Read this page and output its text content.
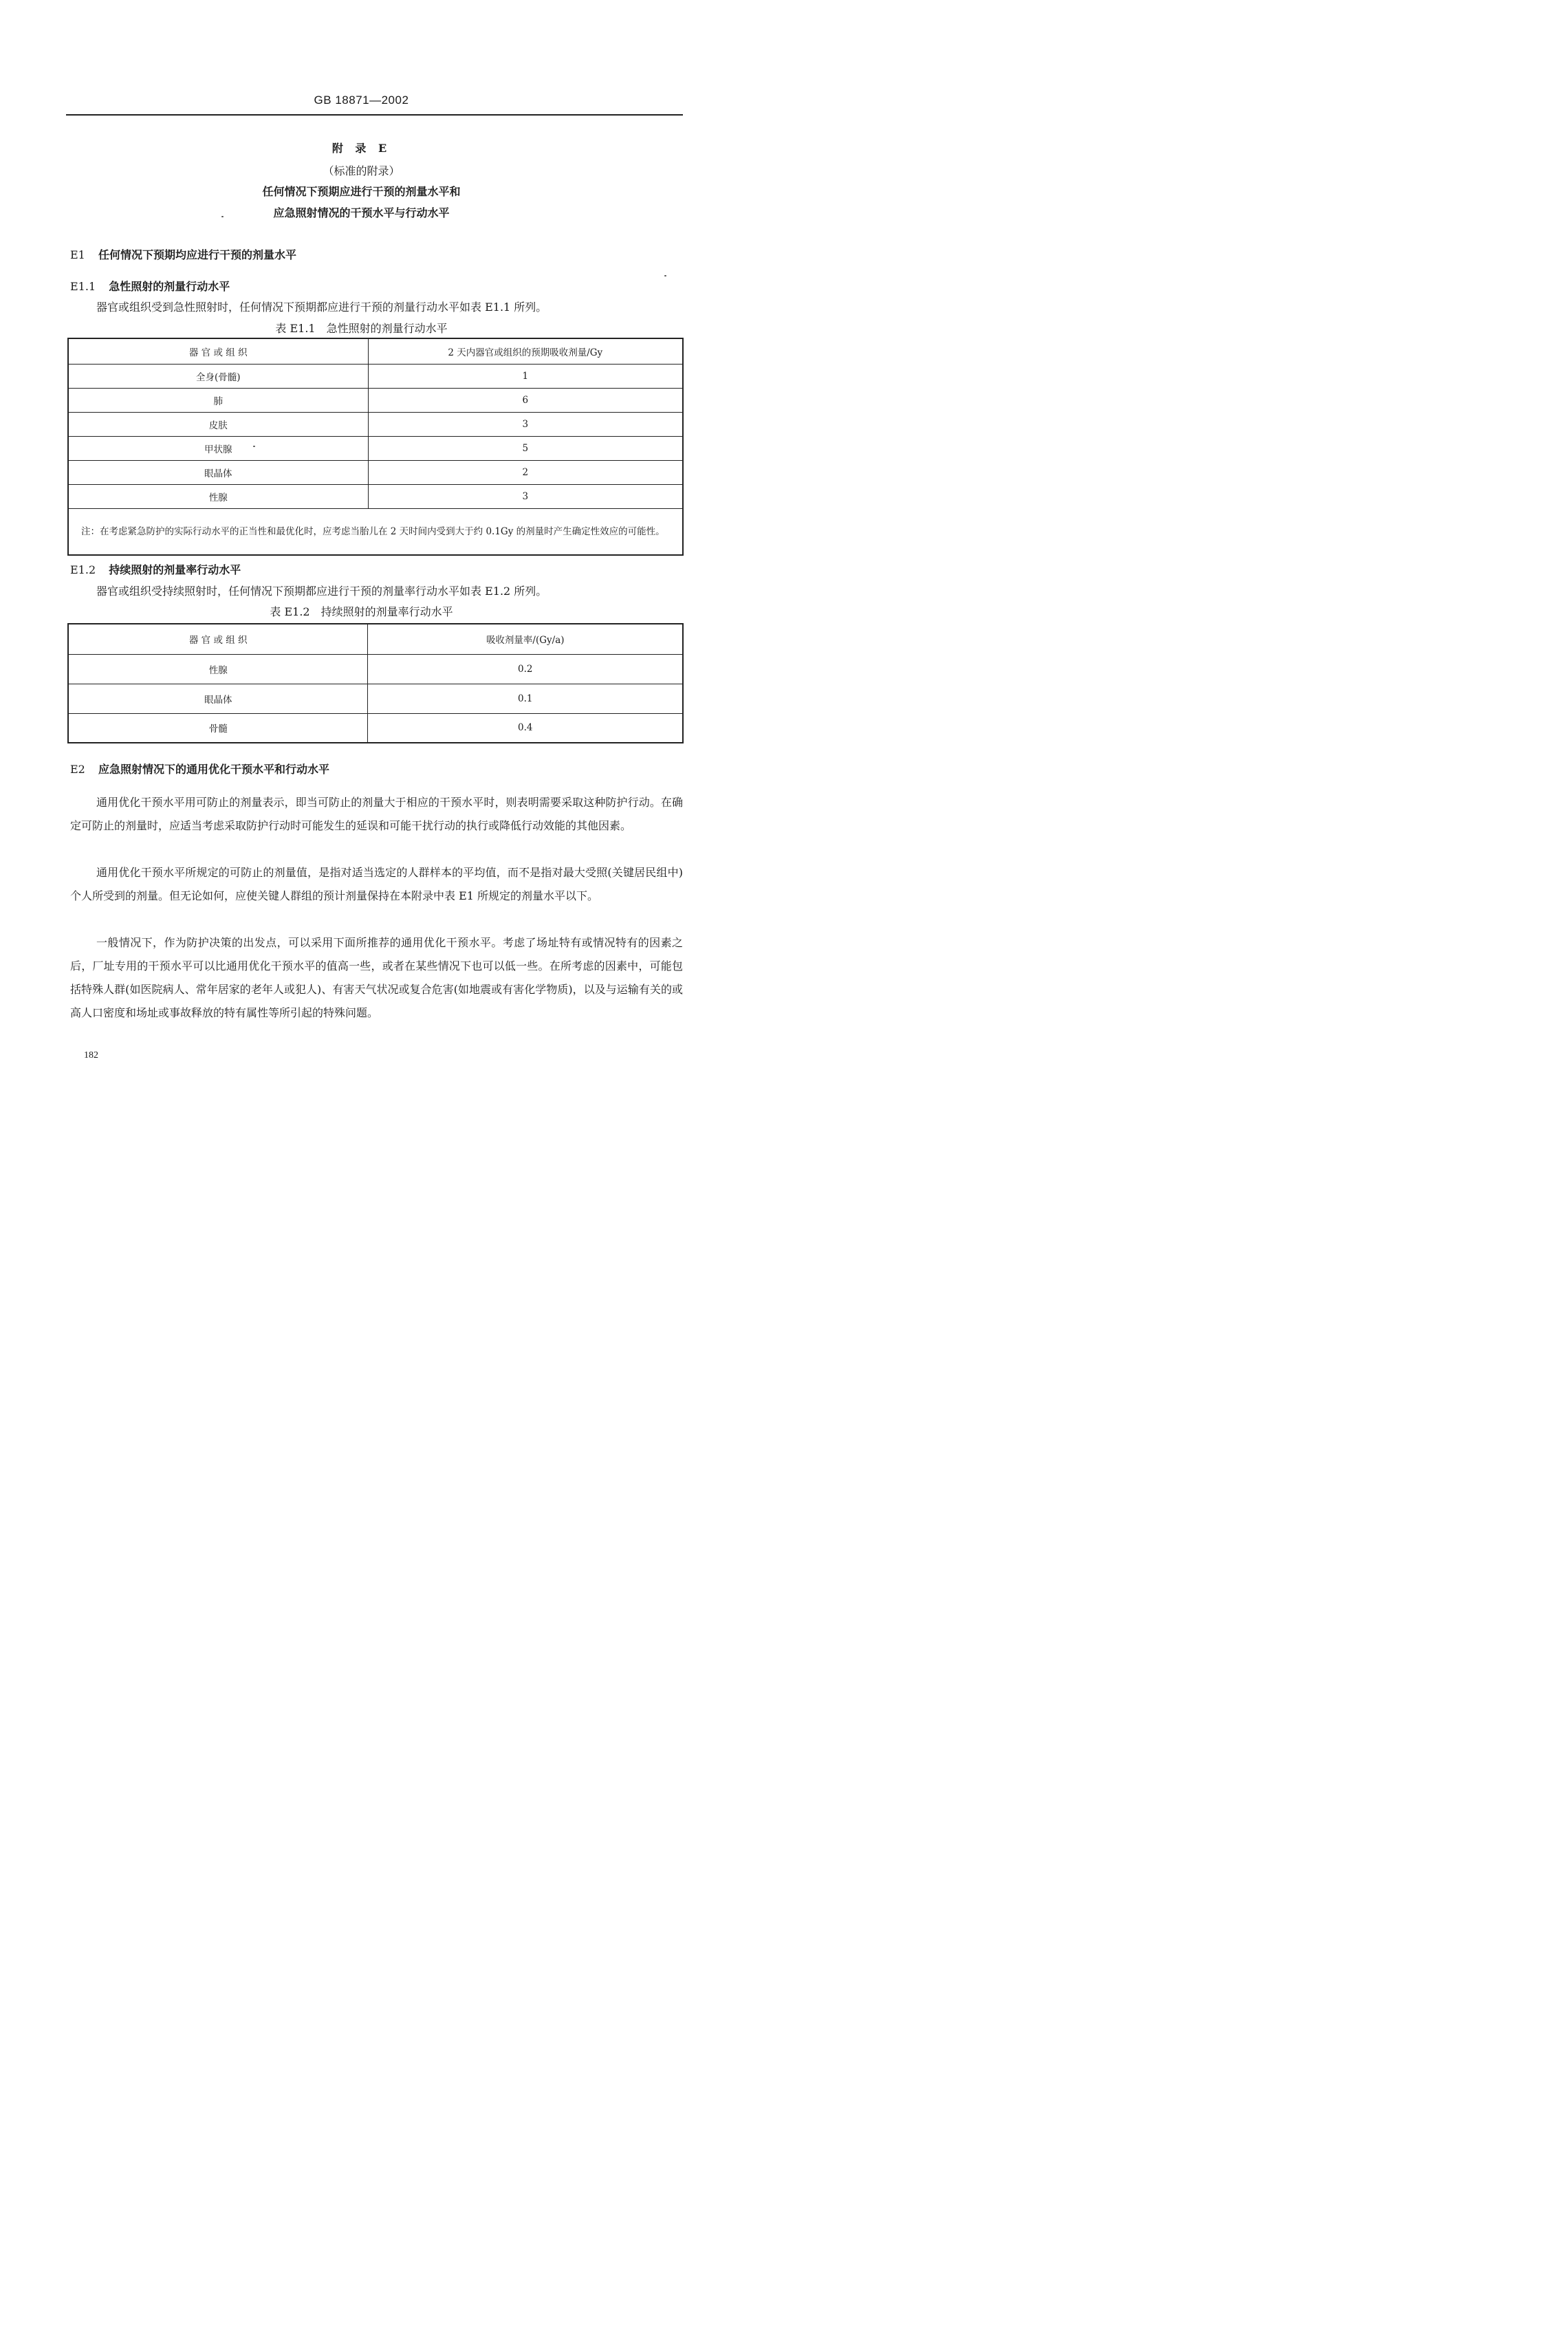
GB 18871—2002
附 录 E
（标准的附录）
任何情况下预期应进行干预的剂量水平和
应急照射情况的干预水平与行动水平
E1 任何情况下预期均应进行干预的剂量水平
E1.1 急性照射的剂量行动水平
器官或组织受到急性照射时，任何情况下预期都应进行干预的剂量行动水平如表 E1.1 所列。
表 E1.1　急性照射的剂量行动水平
器 官 或 组 织	2 天内器官或组织的预期吸收剂量/Gy
全身(骨髓)	1
肺	6
皮肤	3
甲状腺	5
眼晶体	2
性腺	3
注：在考虑紧急防护的实际行动水平的正当性和最优化时，应考虑当胎儿在 2 天时间内受到大于约 0.1Gy 的剂量时产生确定性效应的可能性。	
E1.2 持续照射的剂量率行动水平
器官或组织受持续照射时，任何情况下预期都应进行干预的剂量率行动水平如表 E1.2 所列。
表 E1.2　持续照射的剂量率行动水平
器 官 或 组 织	吸收剂量率/(Gy/a)
性腺	0.2
眼晶体	0.1
骨髓	0.4
E2 应急照射情况下的通用优化干预水平和行动水平
通用优化干预水平用可防止的剂量表示，即当可防止的剂量大于相应的干预水平时，则表明需要采取这种防护行动。在确定可防止的剂量时，应适当考虑采取防护行动时可能发生的延误和可能干扰行动的执行或降低行动效能的其他因素。
通用优化干预水平所规定的可防止的剂量值，是指对适当选定的人群样本的平均值，而不是指对最大受照(关键居民组中)个人所受到的剂量。但无论如何，应使关键人群组的预计剂量保持在本附录中表 E1 所规定的剂量水平以下。
一般情况下，作为防护决策的出发点，可以采用下面所推荐的通用优化干预水平。考虑了场址特有或情况特有的因素之后，厂址专用的干预水平可以比通用优化干预水平的值高一些，或者在某些情况下也可以低一些。在所考虑的因素中，可能包括特殊人群(如医院病人、常年居家的老年人或犯人)、有害天气状况或复合危害(如地震或有害化学物质)，以及与运输有关的或高人口密度和场址或事故释放的特有属性等所引起的特殊问题。
182
